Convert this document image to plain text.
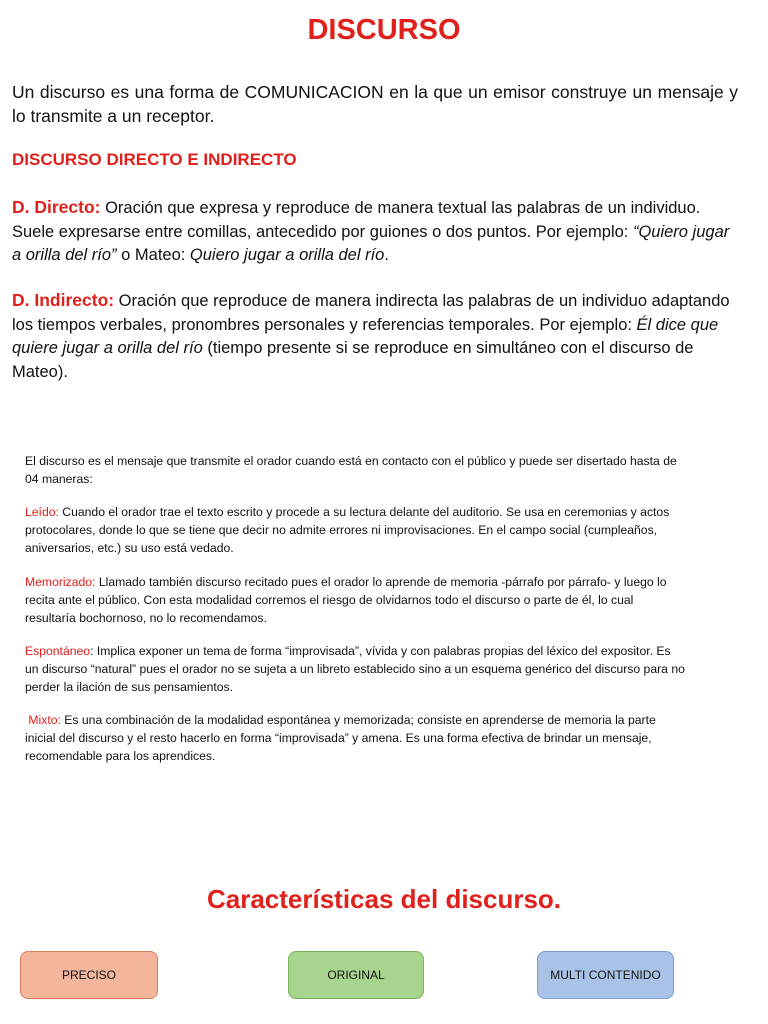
DISCURSO
Un discurso es una forma de COMUNICACION en la que un emisor construye un mensaje y lo transmite a un receptor.
DISCURSO DIRECTO E INDIRECTO
D. Directo: Oración que expresa y reproduce de manera textual las palabras de un individuo. Suele expresarse entre comillas, antecedido por guiones o dos puntos. Por ejemplo: “Quiero jugar a orilla del río” o Mateo: Quiero jugar a orilla del río.
D. Indirecto: Oración que reproduce de manera indirecta las palabras de un individuo adaptando los tiempos verbales, pronombres personales y referencias temporales. Por ejemplo: Él dice que quiere jugar a orilla del río (tiempo presente si se reproduce en simultáneo con el discurso de Mateo).
El discurso es el mensaje que transmite el orador cuando está en contacto con el público y puede ser disertado hasta de 04 maneras:
Leído: Cuando el orador trae el texto escrito y procede a su lectura delante del auditorio. Se usa en ceremonias y actos protocolares, donde lo que se tiene que decir no admite errores ni improvisaciones. En el campo social (cumpleaños, aniversarios, etc.) su uso está vedado.
Memorizado: Llamado también discurso recitado pues el orador lo aprende de memoria -párrafo por párrafo- y luego lo recita ante el público. Con esta modalidad corremos el riesgo de olvidarnos todo el discurso o parte de él, lo cual resultaría bochornoso, no lo recomendamos.
Espontáneo: Implica exponer un tema de forma “improvisada”, vívida y con palabras propias del léxico del expositor. Es un discurso “natural” pues el orador no se sujeta a un libreto establecido sino a un esquema genérico del discurso para no perder la ilación de sus pensamientos.
Mixto: Es una combinación de la modalidad espontánea y memorizada; consiste en aprenderse de memoria la parte inicial del discurso y el resto hacerlo en forma “improvisada” y amena. Es una forma efectiva de brindar un mensaje, recomendable para los aprendices.
Características del discurso.
PRECISO	ORIGINAL	MULTI CONTENIDO
